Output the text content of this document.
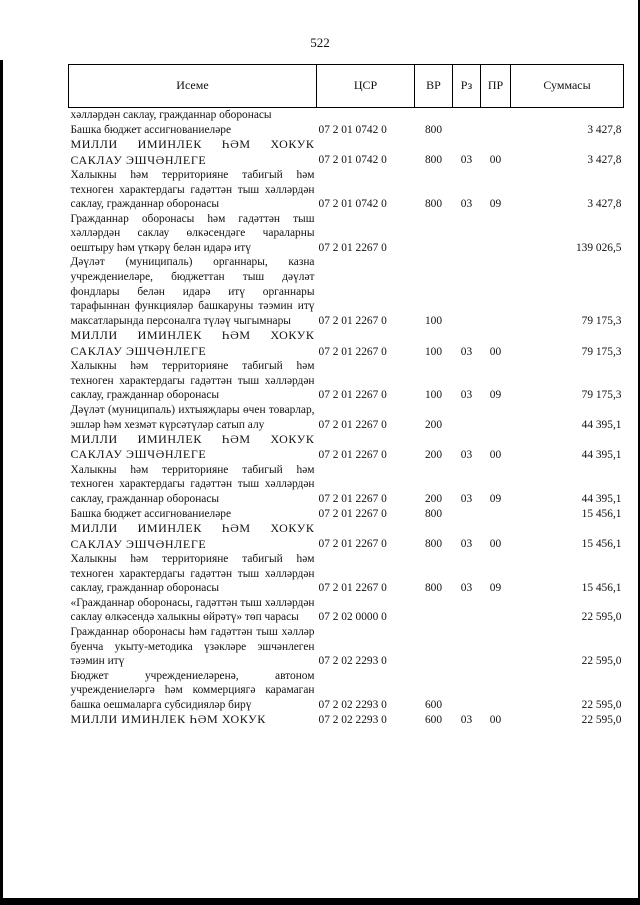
522
Исеме	ЦСР	ВР	Рз	ПР	Суммасы
хәлләрдән саклау, гражданнар оборонасы					
Башка бюджет ассигнованиеләре	07 2 01 0742 0	800			3 427,8
МИЛЛИ ИМИНЛЕК ҺӘМ ХОКУК САКЛАУ ЭШЧӘНЛЕГЕ	07 2 01 0742 0	800	03	00	3 427,8
Халыкны һәм территорияне табигый һәм техноген характердагы гадәттән тыш хәлләрдән саклау, гражданнар оборонасы	07 2 01 0742 0	800	03	09	3 427,8
Гражданнар оборонасы һәм гадәттән тыш хәлләрдән саклау өлкәсендәге чараларны оештыру һәм үткәрү белән идарә итү	07 2 01 2267 0				139 026,5
Дәүләт (муниципаль) органнары, казна учреждениеләре, бюджеттан тыш дәүләт фондлары белән идарә итү органнары тарафыннан функцияләр башкаруны тәэмин итү максатларында персоналга түләү чыгымнары	07 2 01 2267 0	100			79 175,3
МИЛЛИ ИМИНЛЕК ҺӘМ ХОКУК САКЛАУ ЭШЧӘНЛЕГЕ	07 2 01 2267 0	100	03	00	79 175,3
Халыкны һәм территорияне табигый һәм техноген характердагы гадәттән тыш хәлләрдән саклау, гражданнар оборонасы	07 2 01 2267 0	100	03	09	79 175,3
Дәүләт (муниципаль) ихтыяҗлары өчен товарлар, эшләр һәм хезмәт күрсәтүләр сатып алу	07 2 01 2267 0	200			44 395,1
МИЛЛИ ИМИНЛЕК ҺӘМ ХОКУК САКЛАУ ЭШЧӘНЛЕГЕ	07 2 01 2267 0	200	03	00	44 395,1
Халыкны һәм территорияне табигый һәм техноген характердагы гадәттән тыш хәлләрдән саклау, гражданнар оборонасы	07 2 01 2267 0	200	03	09	44 395,1
Башка бюджет ассигнованиеләре	07 2 01 2267 0	800			15 456,1
МИЛЛИ ИМИНЛЕК ҺӘМ ХОКУК САКЛАУ ЭШЧӘНЛЕГЕ	07 2 01 2267 0	800	03	00	15 456,1
Халыкны һәм территорияне табигый һәм техноген характердагы гадәттән тыш хәлләрдән саклау, гражданнар оборонасы	07 2 01 2267 0	800	03	09	15 456,1
«Гражданнар оборонасы, гадәттән тыш хәлләрдән саклау өлкәсендә халыкны өйрәтү» төп чарасы	07 2 02 0000 0				22 595,0
Гражданнар оборонасы һәм гадәттән тыш хәлләр буенча укыту-методика үзәкләре эшчәнлеген тәэмин итү	07 2 02 2293 0				22 595,0
Бюджет учреждениеләренә, автоном учреждениеләргә һәм коммерциягә карамаган башка оешмаларга субсидияләр бирү	07 2 02 2293 0	600			22 595,0
МИЛЛИ ИМИНЛЕК ҺӘМ ХОКУК	07 2 02 2293 0	600	03	00	22 595,0
